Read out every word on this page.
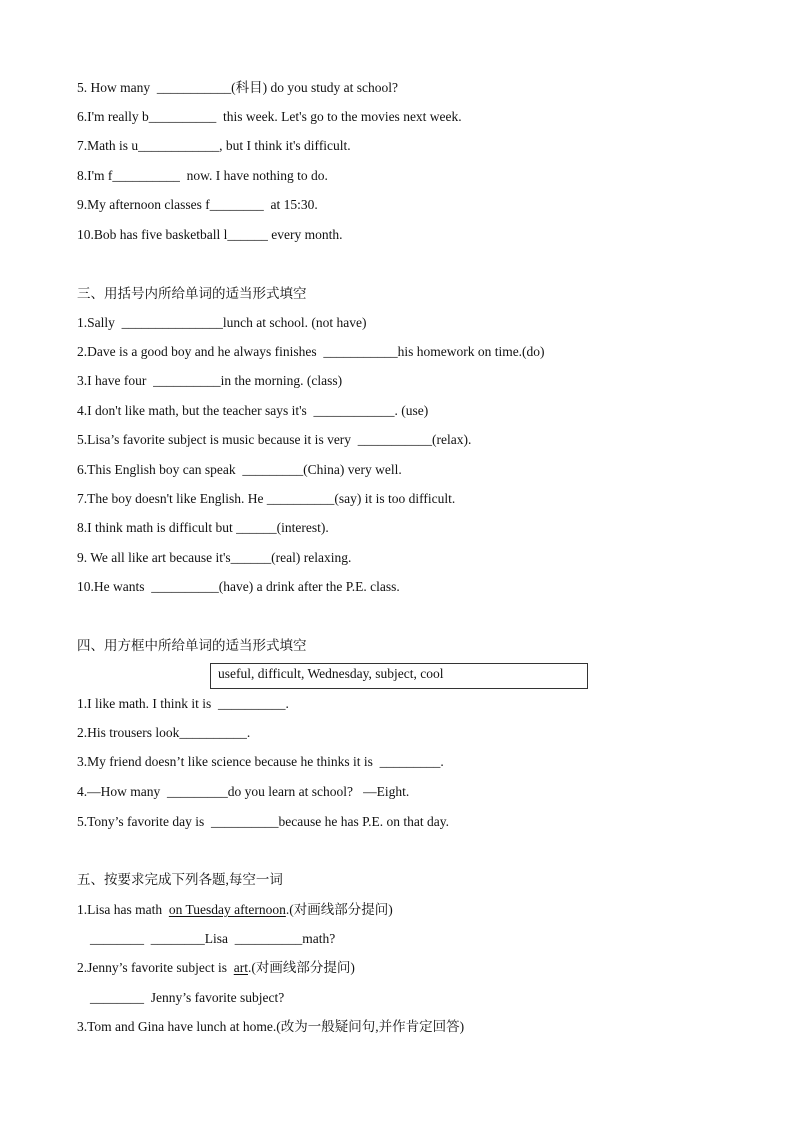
5. How many  ___________(科目) do you study at school?
6.I'm really b__________  this week. Let's go to the movies next week.
7.Math is u____________, but I think it's difficult.
8.I'm f__________  now. I have nothing to do.
9.My afternoon classes f________  at 15:30.
10.Bob has five basketball l______ every month.
三、用括号内所给单词的适当形式填空
1.Sally  _______________lunch at school. (not have)
2.Dave is a good boy and he always finishes  ___________his homework on time.(do)
3.I have four  __________in the morning. (class)
4.I don't like math, but the teacher says it's  ____________. (use)
5.Lisa’s favorite subject is music because it is very  ___________(relax).
6.This English boy can speak  _________(China) very well.
7.The boy doesn't like English. He __________(say) it is too difficult.
8.I think math is difficult but ______(interest).
9. We all like art because it's______(real) relaxing.
10.He wants  __________(have) a drink after the P.E. class.
四、用方框中所给单词的适当形式填空
useful, difficult, Wednesday, subject, cool
1.I like math. I think it is  __________.
2.His trousers look__________.
3.My friend doesn’t like science because he thinks it is  _________.
4.—How many  _________do you learn at school?   —Eight.
5.Tony’s favorite day is  __________because he has P.E. on that day.
五、按要求完成下列各题,每空一词
1.Lisa has math  on Tuesday afternoon.(对画线部分提问)
________  ________Lisa  __________math?
2.Jenny’s favorite subject is  art.(对画线部分提问)
________  Jenny’s favorite subject?
3.Tom and Gina have lunch at home.(改为一般疑问句,并作肯定回答)
